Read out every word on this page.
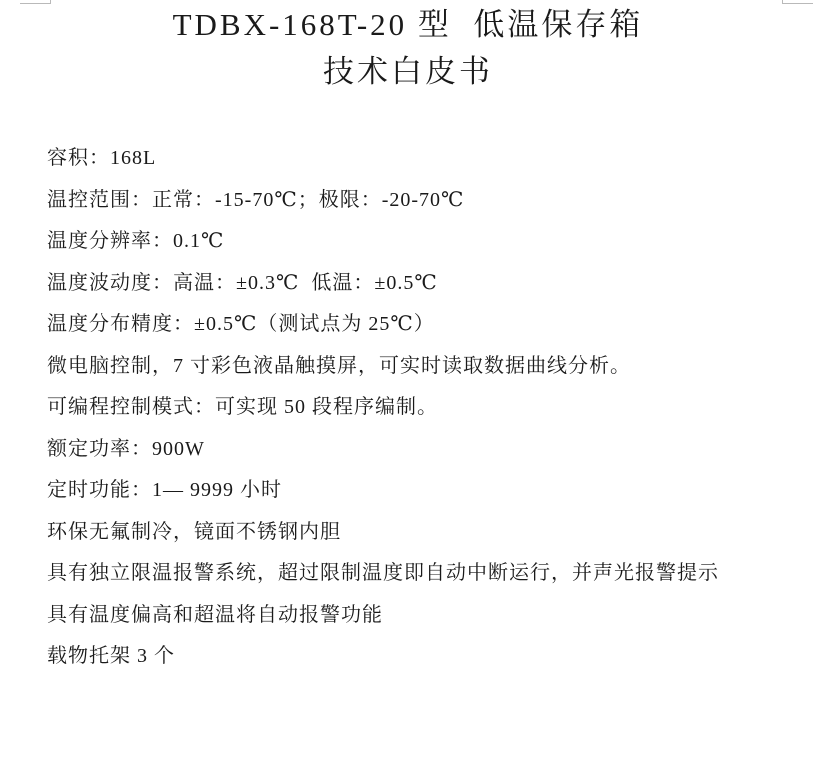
TDBX-168T-20 型  低温保存箱
技术白皮书
容积：168L
温控范围：正常：-15-70℃；极限：-20-70℃
温度分辨率：0.1℃
温度波动度：高温：±0.3℃  低温：±0.5℃
温度分布精度：±0.5℃（测试点为 25℃）
微电脑控制，7 寸彩色液晶触摸屏，可实时读取数据曲线分析。
可编程控制模式：可实现 50 段程序编制。
额定功率：900W
定时功能：1— 9999 小时
环保无氟制冷，镜面不锈钢内胆
具有独立限温报警系统，超过限制温度即自动中断运行，并声光报警提示
具有温度偏高和超温将自动报警功能
载物托架 3 个
